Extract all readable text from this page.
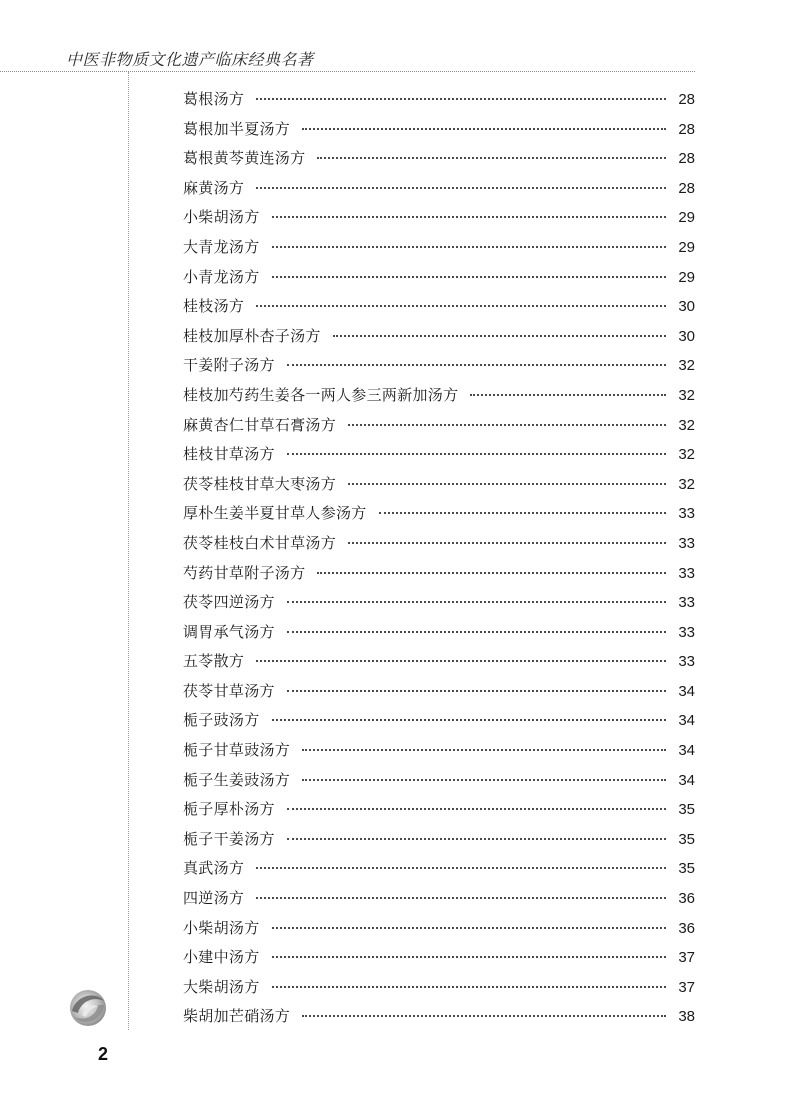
中医非物质文化遗产临床经典名著
葛根汤方	28
葛根加半夏汤方	28
葛根黄芩黄连汤方	28
麻黄汤方	28
小柴胡汤方	29
大青龙汤方	29
小青龙汤方	29
桂枝汤方	30
桂枝加厚朴杏子汤方	30
干姜附子汤方	32
桂枝加芍药生姜各一两人参三两新加汤方	32
麻黄杏仁甘草石膏汤方	32
桂枝甘草汤方	32
茯苓桂枝甘草大枣汤方	32
厚朴生姜半夏甘草人参汤方	33
茯苓桂枝白术甘草汤方	33
芍药甘草附子汤方	33
茯苓四逆汤方	33
调胃承气汤方	33
五苓散方	33
茯苓甘草汤方	34
栀子豉汤方	34
栀子甘草豉汤方	34
栀子生姜豉汤方	34
栀子厚朴汤方	35
栀子干姜汤方	35
真武汤方	35
四逆汤方	36
小柴胡汤方	36
小建中汤方	37
大柴胡汤方	37
柴胡加芒硝汤方	38
2
